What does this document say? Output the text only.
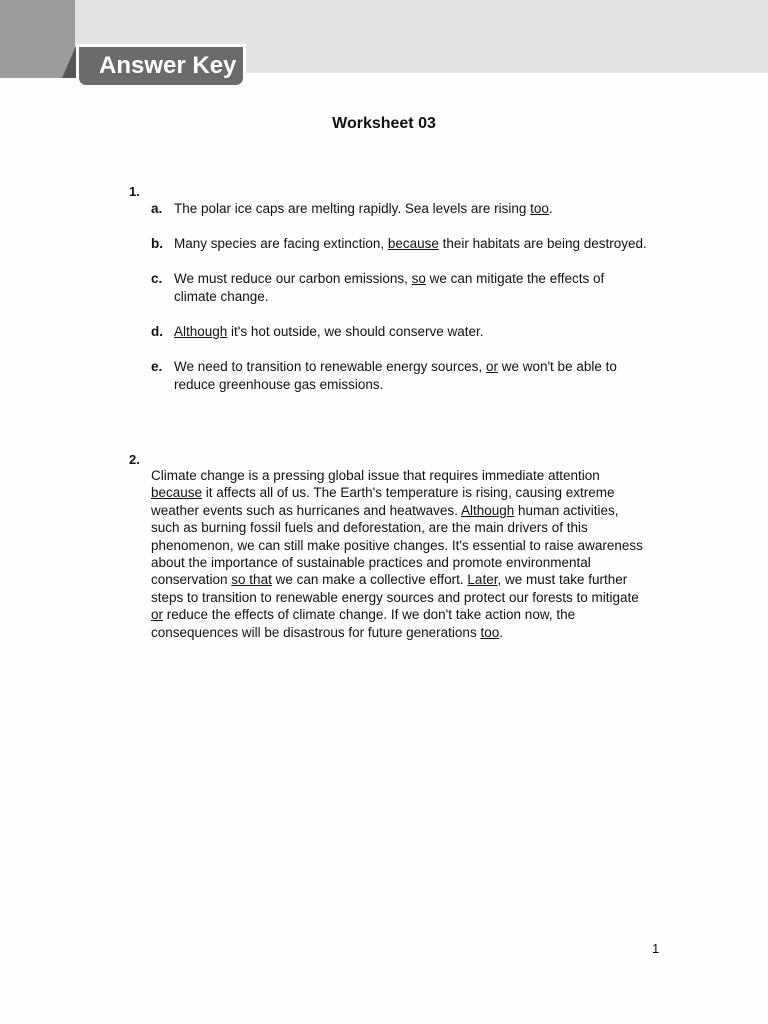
Answer Key
Worksheet 03
1.
a. The polar ice caps are melting rapidly. Sea levels are rising too.
b. Many species are facing extinction, because their habitats are being destroyed.
c. We must reduce our carbon emissions, so we can mitigate the effects of
climate change.
d. Although it's hot outside, we should conserve water.
e. We need to transition to renewable energy sources, or we won't be able to
reduce greenhouse gas emissions.
2.
Climate change is a pressing global issue that requires immediate attention
because it affects all of us. The Earth's temperature is rising, causing extreme
weather events such as hurricanes and heatwaves. Although human activities,
such as burning fossil fuels and deforestation, are the main drivers of this
phenomenon, we can still make positive changes. It's essential to raise awareness
about the importance of sustainable practices and promote environmental
conservation so that we can make a collective effort. Later, we must take further
steps to transition to renewable energy sources and protect our forests to mitigate
or reduce the effects of climate change. If we don't take action now, the
consequences will be disastrous for future generations too.
1
